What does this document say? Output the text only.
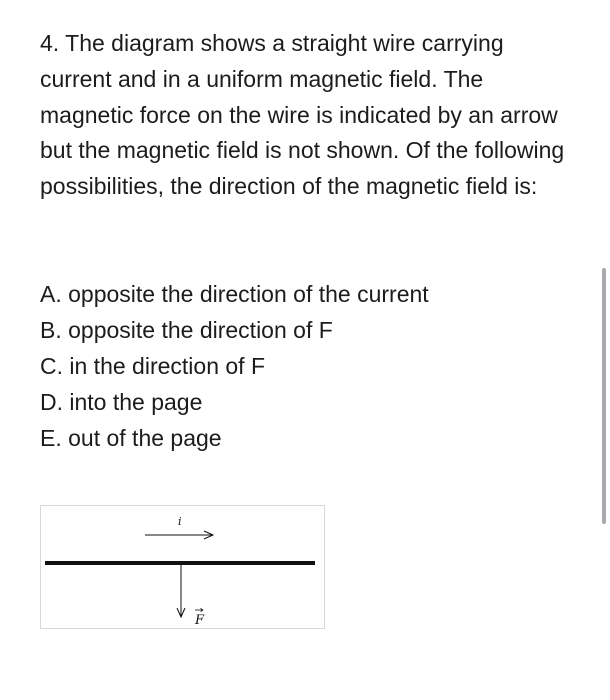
4. The diagram shows a straight wire carrying current and in a uniform magnetic field. The magnetic force on the wire is indicated by an arrow but the magnetic field is not shown. Of the following possibilities, the direction of the magnetic field is:

A. opposite the direction of the current
B. opposite the direction of F
C. in the direction of F
D. into the page
E. out of the page
i
F
